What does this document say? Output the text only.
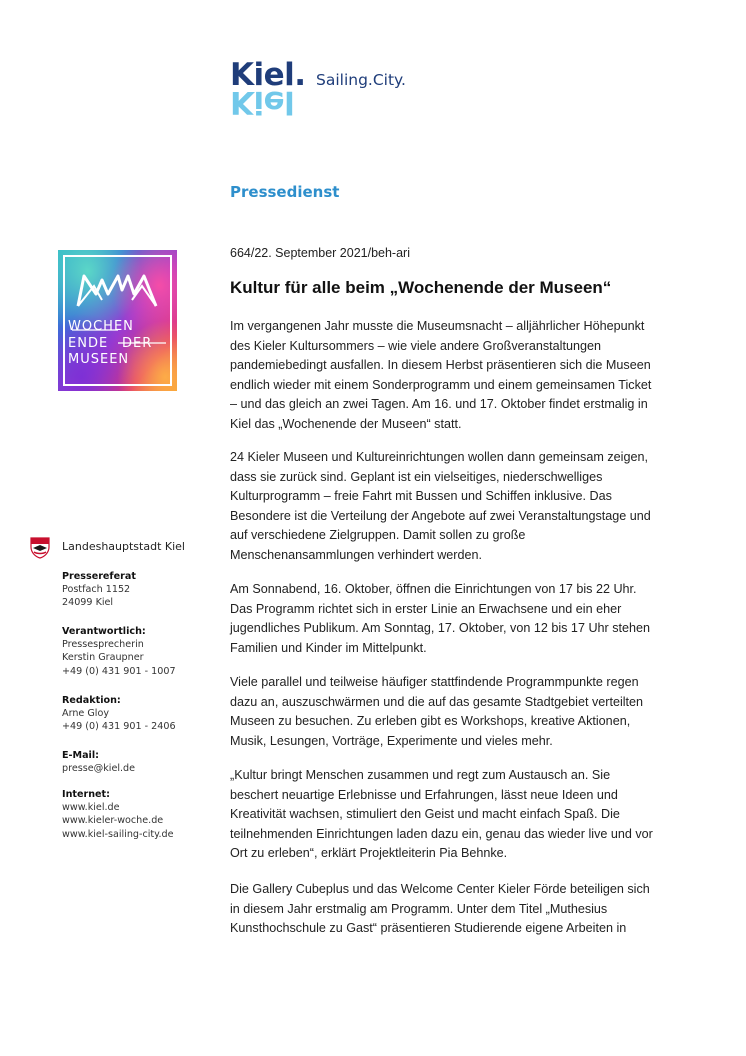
Kiel.
Kiel
Sailing.City.
Pressedienst
WOCHEN
ENDE DER
MUSEEN
664/22. September 2021/beh-ari
Kultur für alle beim „Wochenende der Museen“
Im vergangenen Jahr musste die Museumsnacht – alljährlicher Höhepunkt
des Kieler Kultursommers – wie viele andere Großveranstaltungen
pandemiebedingt ausfallen. In diesem Herbst präsentieren sich die Museen
endlich wieder mit einem Sonderprogramm und einem gemeinsamen Ticket
– und das gleich an zwei Tagen. Am 16. und 17. Oktober findet erstmalig in
Kiel das „Wochenende der Museen“ statt.
24 Kieler Museen und Kultureinrichtungen wollen dann gemeinsam zeigen,
dass sie zurück sind. Geplant ist ein vielseitiges, niederschwelliges
Kulturprogramm – freie Fahrt mit Bussen und Schiffen inklusive. Das
Besondere ist die Verteilung der Angebote auf zwei Veranstaltungstage und
auf verschiedene Zielgruppen. Damit sollen zu große
Menschenansammlungen verhindert werden.
Am Sonnabend, 16. Oktober, öffnen die Einrichtungen von 17 bis 22 Uhr.
Das Programm richtet sich in erster Linie an Erwachsene und ein eher
jugendliches Publikum. Am Sonntag, 17. Oktober, von 12 bis 17 Uhr stehen
Familien und Kinder im Mittelpunkt.
Viele parallel und teilweise häufiger stattfindende Programmpunkte regen
dazu an, auszuschwärmen und die auf das gesamte Stadtgebiet verteilten
Museen zu besuchen. Zu erleben gibt es Workshops, kreative Aktionen,
Musik, Lesungen, Vorträge, Experimente und vieles mehr.
„Kultur bringt Menschen zusammen und regt zum Austausch an. Sie
beschert neuartige Erlebnisse und Erfahrungen, lässt neue Ideen und
Kreativität wachsen, stimuliert den Geist und macht einfach Spaß. Die
teilnehmenden Einrichtungen laden dazu ein, genau das wieder live und vor
Ort zu erleben“, erklärt Projektleiterin Pia Behnke.
Die Gallery Cubeplus und das Welcome Center Kieler Förde beteiligen sich
in diesem Jahr erstmalig am Programm. Unter dem Titel „Muthesius
Kunsthochschule zu Gast“ präsentieren Studierende eigene Arbeiten in
Landeshauptstadt Kiel
Pressereferat
Postfach 1152
24099 Kiel
Verantwortlich:
Pressesprecherin
Kerstin Graupner
+49 (0) 431 901 - 1007
Redaktion:
Arne Gloy
+49 (0) 431 901 - 2406
E-Mail:
presse@kiel.de
Internet:
www.kiel.de
www.kieler-woche.de
www.kiel-sailing-city.de
